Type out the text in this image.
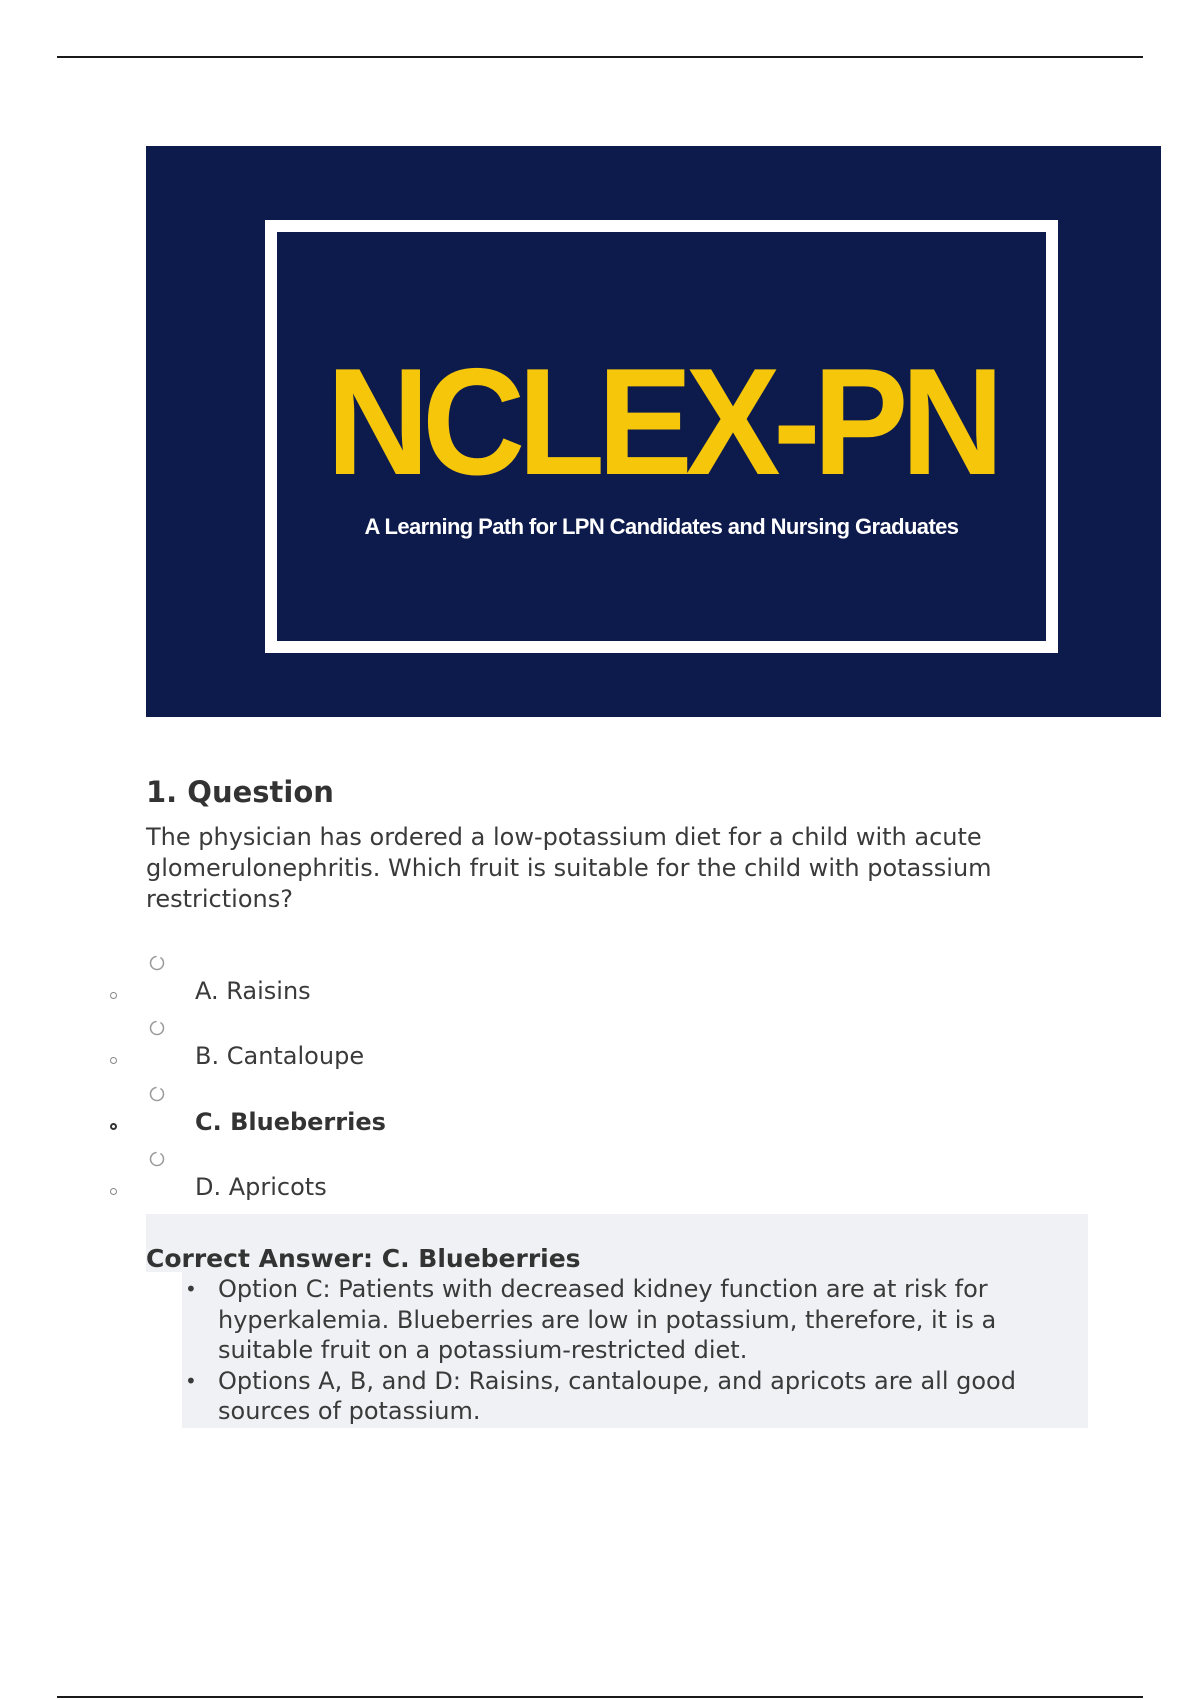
NCLEX-PN
A Learning Path for LPN Candidates and Nursing Graduates
1. Question

The physician has ordered a low-potassium diet for a child with acute glomerulonephritis. Which fruit is suitable for the child with potassium restrictions?

A. Raisins
B. Cantaloupe
C. Blueberries
D. Apricots
Correct Answer: C. Blueberries
• Option C: Patients with decreased kidney function are at risk for hyperkalemia. Blueberries are low in potassium, therefore, it is a suitable fruit on a potassium-restricted diet.
• Options A, B, and D: Raisins, cantaloupe, and apricots are all good sources of potassium.
